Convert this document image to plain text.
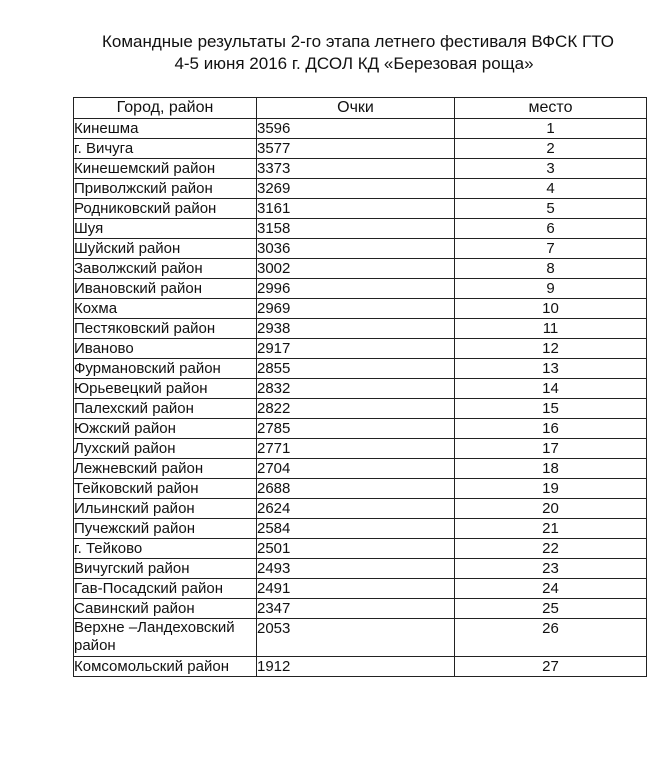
Командные результаты 2-го этапа летнего фестиваля ВФСК ГТО
4-5 июня 2016 г. ДСОЛ КД «Березовая роща»
Город, район	Очки	место
Кинешма	3596	1
г. Вичуга	3577	2
Кинешемский район	3373	3
Приволжский район	3269	4
Родниковский район	3161	5
Шуя	3158	6
Шуйский район	3036	7
Заволжский район	3002	8
Ивановский район	2996	9
Кохма	2969	10
Пестяковский район	2938	11
Иваново	2917	12
Фурмановский район	2855	13
Юрьевецкий район	2832	14
Палехский район	2822	15
Южский район	2785	16
Лухский район	2771	17
Лежневский район	2704	18
Тейковский район	2688	19
Ильинский район	2624	20
Пучежский район	2584	21
г. Тейково	2501	22
Вичугский район	2493	23
Гав-Посадский район	2491	24
Савинский район	2347	25
Верхне –Ландеховский район	2053	26
Комсомольский район	1912	27
